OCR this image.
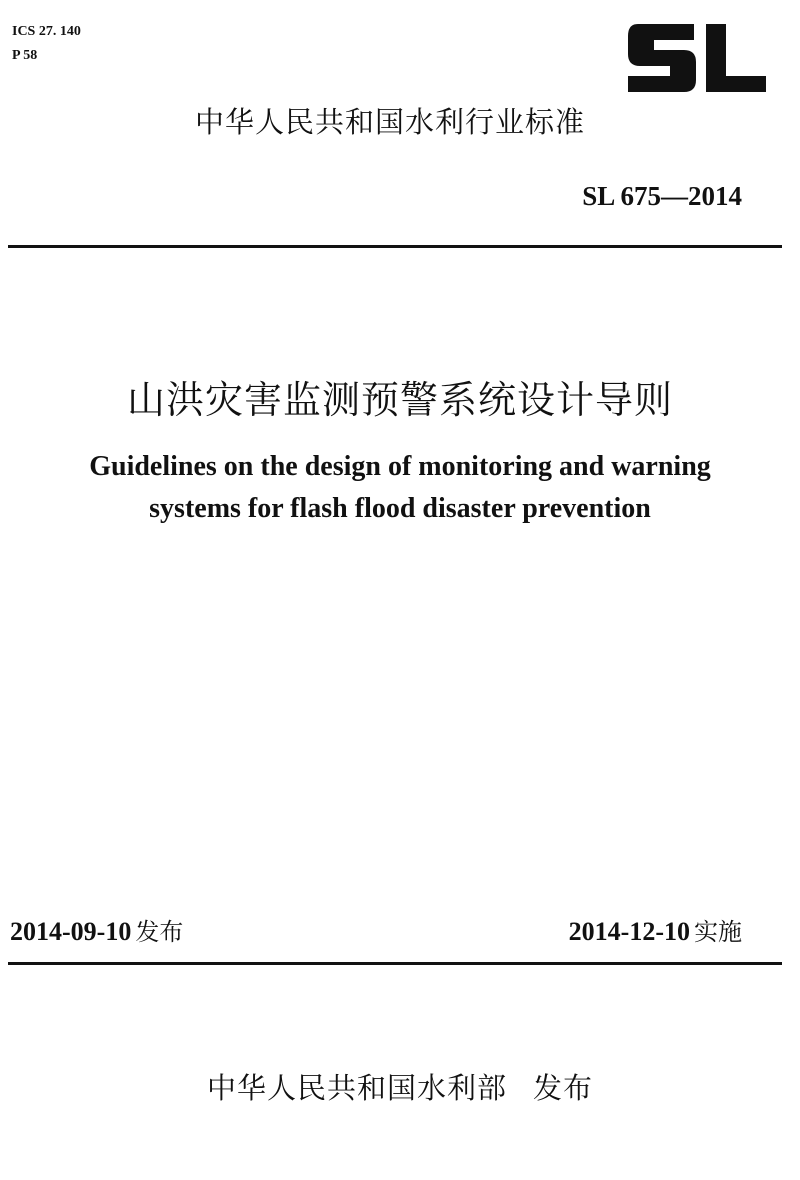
ICS 27. 140
P 58
中华人民共和国水利行业标准
SL 675—2014
山洪灾害监测预警系统设计导则
Guidelines on the design of monitoring and warning
systems for flash flood disaster prevention
2014-09-10 发布	2014-12-10 实施
中华人民共和国水利部 发布
